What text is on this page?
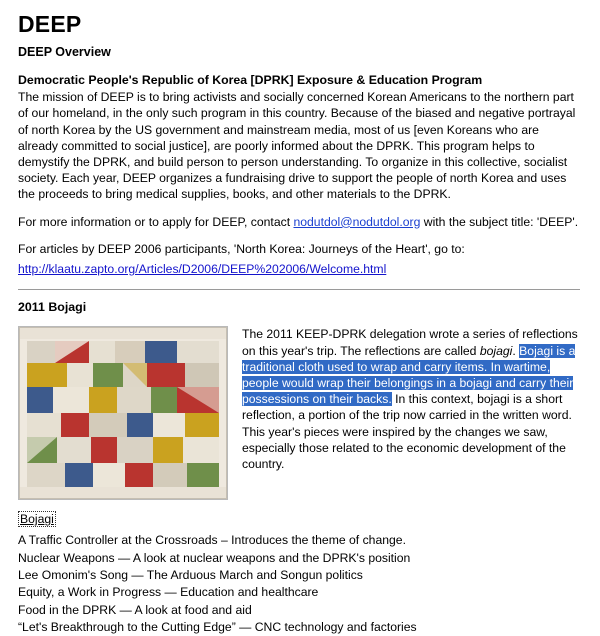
DEEP
DEEP Overview
Democratic People's Republic of Korea [DPRK] Exposure & Education Program

The mission of DEEP is to bring activists and socially concerned Korean Americans to the northern part of our homeland, in the only such program in this country. Because of the biased and negative portrayal of north Korea by the US government and mainstream media, most of us [even Koreans who are already committed to social justice], are poorly informed about the DPRK. This program helps to demystify the DPRK, and build person to person understanding. To organize in this collective, socialist society. Each year, DEEP organizes a fundraising drive to support the people of north Korea and uses the proceeds to bring medical supplies, books, and other materials to the DPRK.

For more information or to apply for DEEP, contact nodutdol@nodutdol.org with the subject title: 'DEEP'.

For articles by DEEP 2006 participants, 'North Korea: Journeys of the Heart', go to:

http://klaatu.zapto.org/Articles/D2006/DEEP%202006/Welcome.html

2011 Bojagi
The 2011 KEEP-DPRK delegation wrote a series of reflections on this year's trip. The reflections are called bojagi. Bojagi is a traditional cloth used to wrap and carry items. In wartime, people would wrap their belongings in a bojagi and carry their possessions on their backs. In this context, bojagi is a short reflection, a portion of the trip now carried in the written word. This year's pieces were inspired by the changes we saw, especially those related to the economic development of the country.
Bojagi
A Traffic Controller at the Crossroads – Introduces the theme of change.
Nuclear Weapons — A look at nuclear weapons and the DPRK's position
Lee Omonim's Song — The Arduous March and Songun politics
Equity, a Work in Progress — Education and healthcare
Food in the DPRK — A look at food and aid
“Let's Breakthrough to the Cutting Edge” — CNC technology and factories
